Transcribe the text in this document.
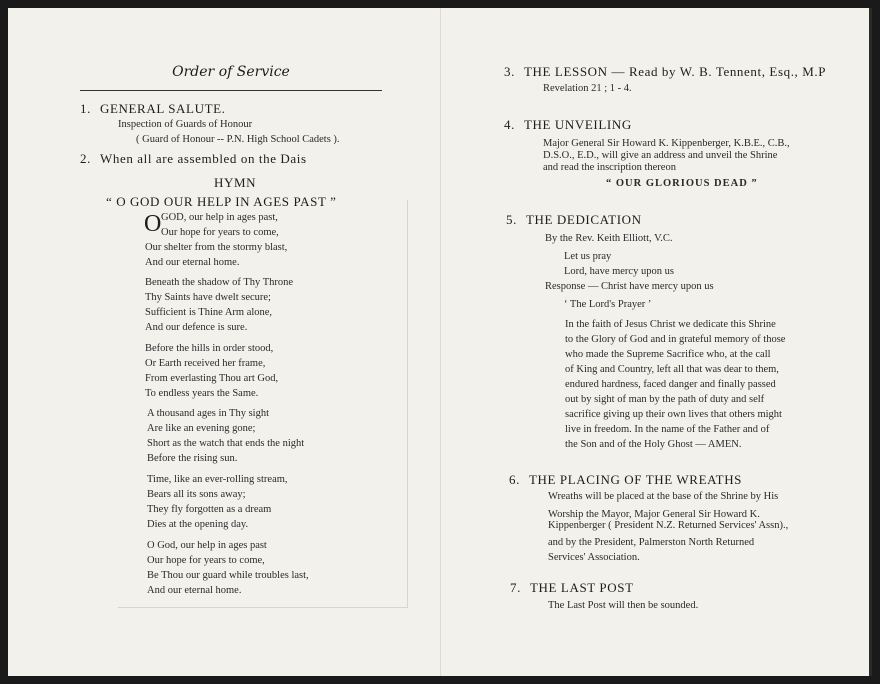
Order of Service
1. GENERAL SALUTE.
Inspection of Guards of Honour
( Guard of Honour -- P.N. High School Cadets ).
2. When all are assembled on the Dais
HYMN
“ O GOD OUR HELP IN AGES PAST ”
O GOD, our help in ages past,
Our hope for years to come,
Our shelter from the stormy blast,
And our eternal home.
Beneath the shadow of Thy Throne
Thy Saints have dwelt secure;
Sufficient is Thine Arm alone,
And our defence is sure.
Before the hills in order stood,
Or Earth received her frame,
From everlasting Thou art God,
To endless years the Same.
A thousand ages in Thy sight
Are like an evening gone;
Short as the watch that ends the night
Before the rising sun.
Time, like an ever-rolling stream,
Bears all its sons away;
They fly forgotten as a dream
Dies at the opening day.
O God, our help in ages past
Our hope for years to come,
Be Thou our guard while troubles last,
And our eternal home.
3. THE LESSON — Read by W. B. Tennent, Esq., M.P
Revelation 21 ; 1 - 4.
4. THE UNVEILING
Major General Sir Howard K. Kippenberger, K.B.E., C.B.,
D.S.O., E.D., will give an address and unveil the Shrine
and read the inscription thereon
“ OUR GLORIOUS DEAD ”
5. THE DEDICATION
By the Rev. Keith Elliott, V.C.
Let us pray
Lord, have mercy upon us
Response — Christ have mercy upon us
‘ The Lord's Prayer ’
In the faith of Jesus Christ we dedicate this Shrine
to the Glory of God and in grateful memory of those
who made the Supreme Sacrifice who, at the call
of King and Country, left all that was dear to them,
endured hardness, faced danger and finally passed
out by sight of man by the path of duty and self
sacrifice giving up their own lives that others might
live in freedom. In the name of the Father and of
the Son and of the Holy Ghost — AMEN.
6. THE PLACING OF THE WREATHS
Wreaths will be placed at the base of the Shrine by His
Worship the Mayor, Major General Sir Howard K.
Kippenberger ( President N.Z. Returned Services' Assn).,
and by the President, Palmerston North Returned
Services' Association.
7. THE LAST POST
The Last Post will then be sounded.
